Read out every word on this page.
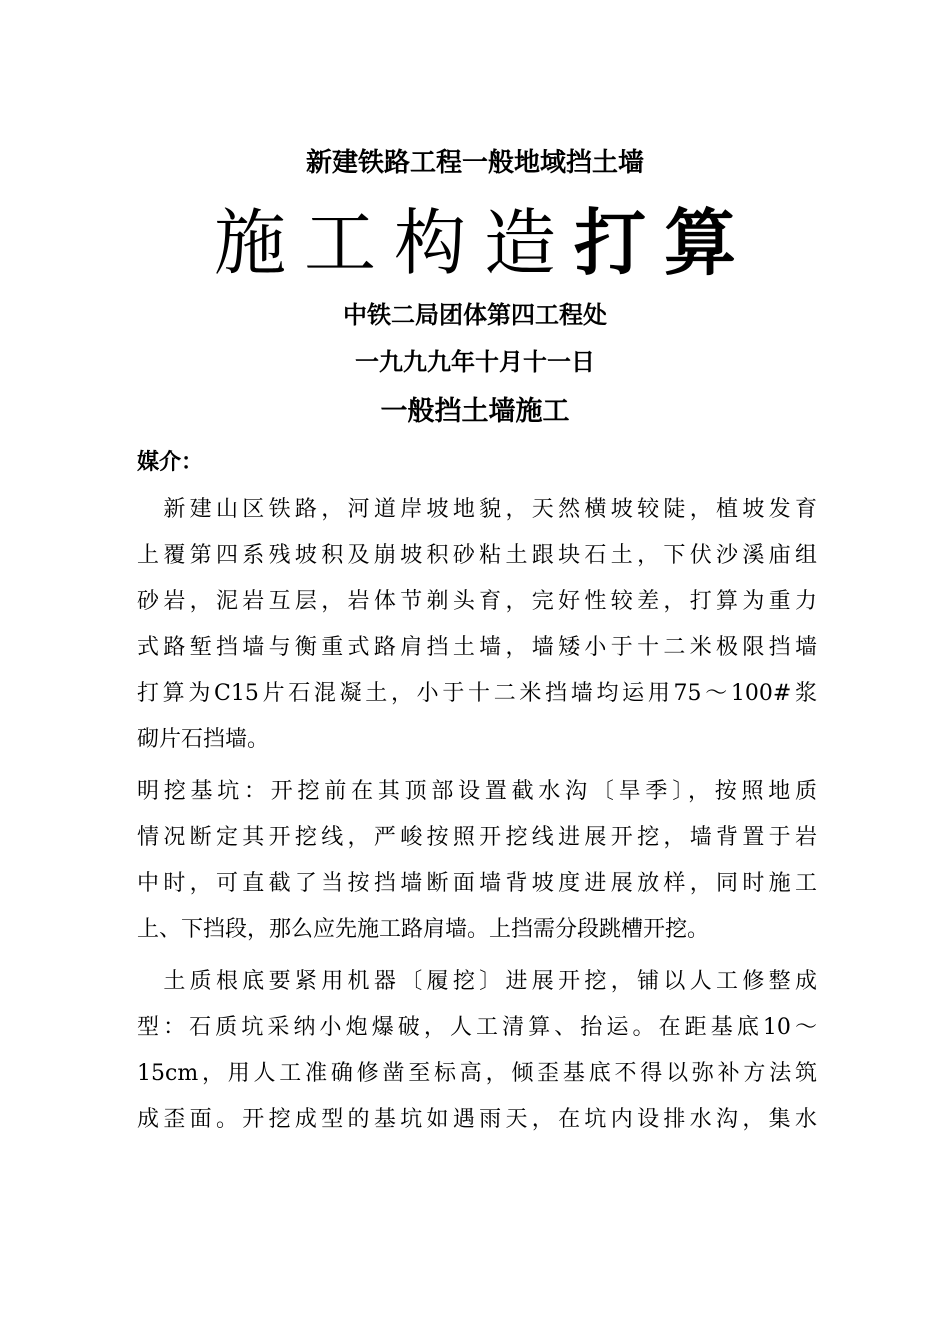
新建铁路工程一般地域挡土墙
施工构造打算
中铁二局团体第四工程处
一九九九年十月十一日
一般挡土墙施工
媒介：
　新建山区铁路，河道岸坡地貌，天然横坡较陡，植坡发育
上覆第四系残坡积及崩坡积砂粘土跟块石土，下伏沙溪庙组
砂岩，泥岩互层，岩体节剃头育，完好性较差，打算为重力
式路堑挡墙与衡重式路肩挡土墙，墙矮小于十二米极限挡墙
打算为C15片石混凝土，小于十二米挡墙均运用75～100#浆
砌片石挡墙。
明挖基坑：开挖前在其顶部设置截水沟〔旱季〕，按照地质
情况断定其开挖线，严峻按照开挖线进展开挖，墙背置于岩
中时，可直截了当按挡墙断面墙背坡度进展放样，同时施工
上、下挡段，那么应先施工路肩墙。上挡需分段跳槽开挖。
　土质根底要紧用机器〔履挖〕进展开挖，铺以人工修整成
型：石质坑采纳小炮爆破，人工清算、抬运。在距基底10～
15cm，用人工准确修凿至标高，倾歪基底不得以弥补方法筑
成歪面。开挖成型的基坑如遇雨天，在坑内设排水沟，集水
